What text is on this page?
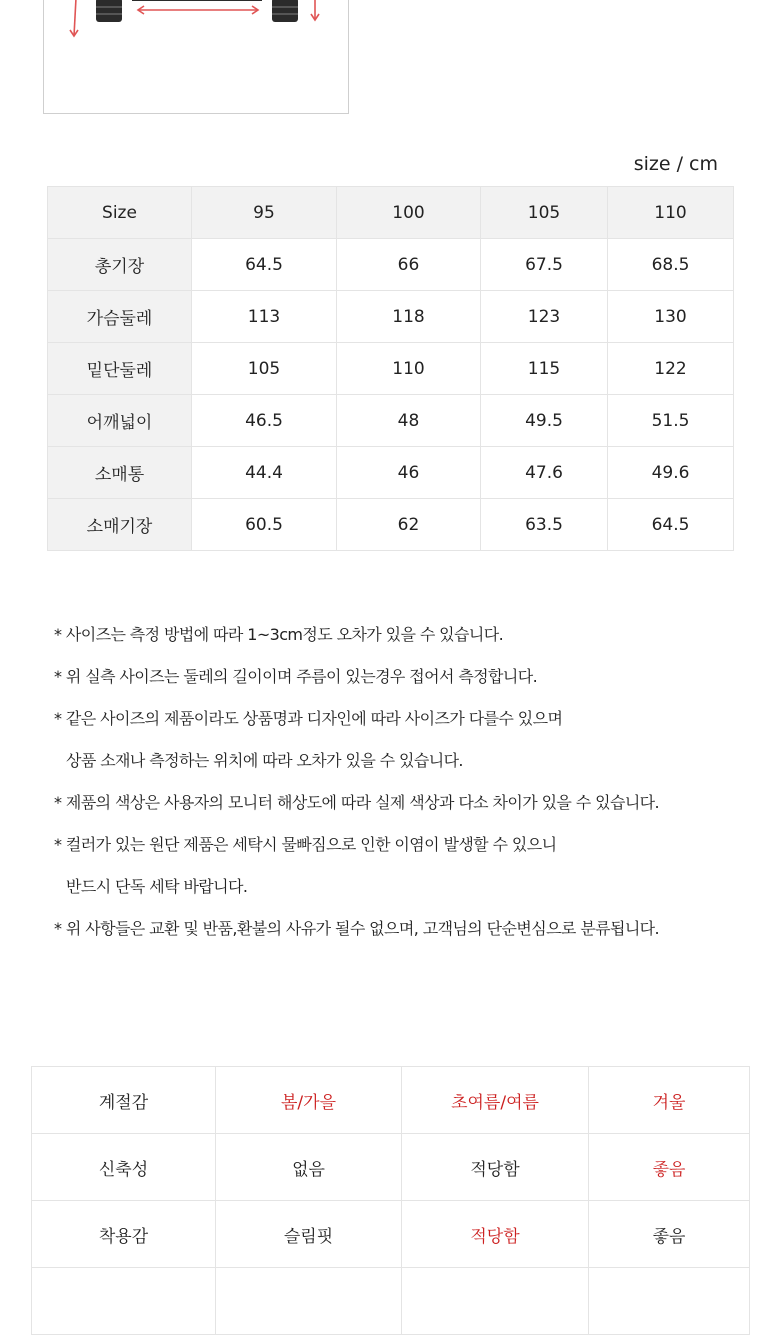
size / cm
Size	95	100	105	110
총기장	64.5	66	67.5	68.5
가슴둘레	113	118	123	130
밑단둘레	105	110	115	122
어깨넓이	46.5	48	49.5	51.5
소매통	44.4	46	47.6	49.6
소매기장	60.5	62	63.5	64.5
* 사이즈는 측정 방법에 따라 1~3cm정도 오차가 있을 수 있습니다.
* 위 실측 사이즈는 둘레의 길이이며 주름이 있는경우 접어서 측정합니다.
* 같은 사이즈의 제품이라도 상품명과 디자인에 따라 사이즈가 다를수 있으며
상품 소재나 측정하는 위치에 따라 오차가 있을 수 있습니다.
* 제품의 색상은 사용자의 모니터 해상도에 따라 실제 색상과 다소 차이가 있을 수 있습니다.
* 컬러가 있는 원단 제품은 세탁시 물빠짐으로 인한 이염이 발생할 수 있으니
반드시 단독 세탁 바랍니다.
* 위 사항들은 교환 및 반품,환불의 사유가 될수 없으며, 고객님의 단순변심으로 분류됩니다.
계절감	봄/가을	초여름/여름	겨울
신축성	없음	적당함	좋음
착용감	슬림핏	적당함	좋음
